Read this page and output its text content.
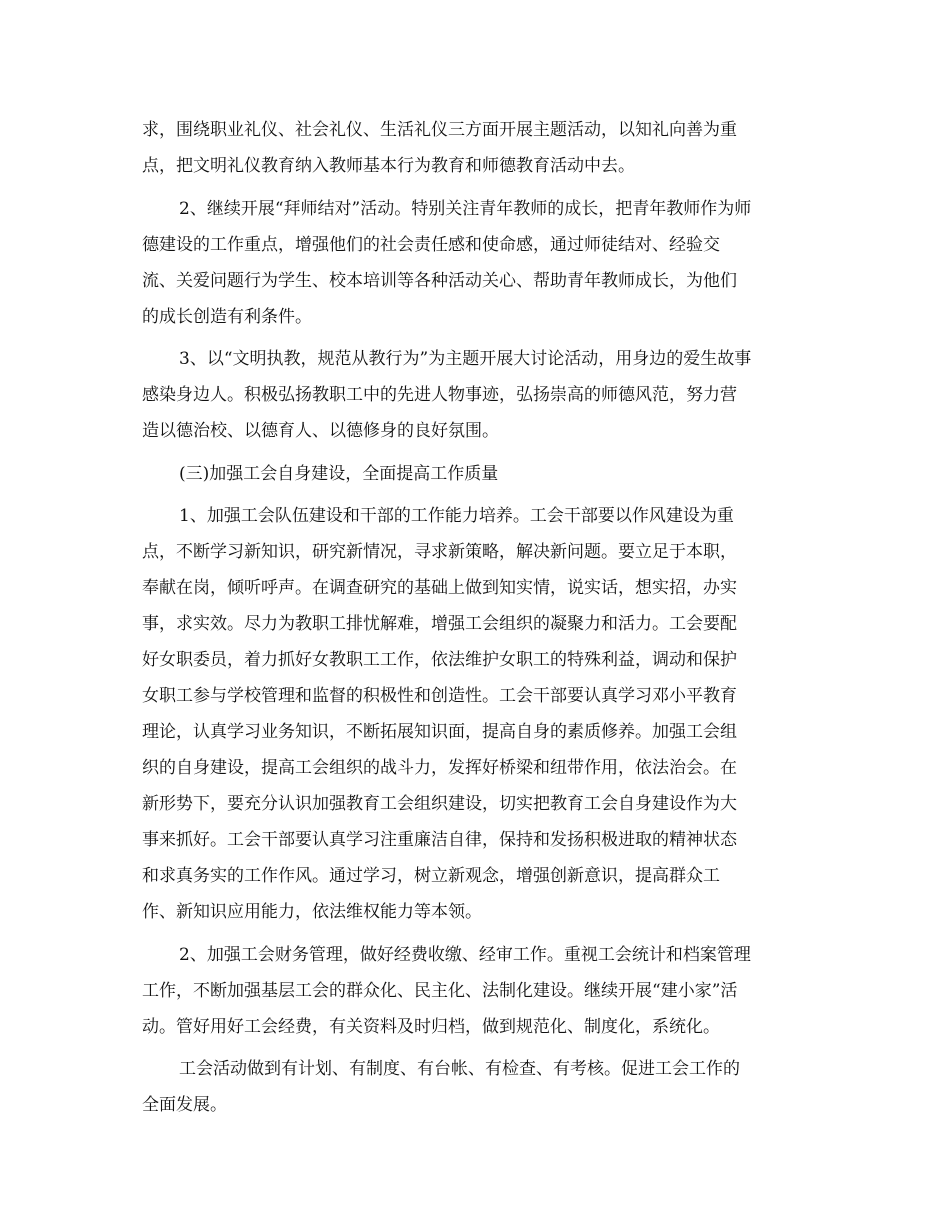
求，围绕职业礼仪、社会礼仪、生活礼仪三方面开展主题活动，以知礼向善为重
点，把文明礼仪教育纳入教师基本行为教育和师德教育活动中去。
2、继续开展“拜师结对”活动。特别关注青年教师的成长，把青年教师作为师
德建设的工作重点，增强他们的社会责任感和使命感，通过师徒结对、经验交
流、关爱问题行为学生、校本培训等各种活动关心、帮助青年教师成长，为他们
的成长创造有利条件。
3、以“文明执教，规范从教行为”为主题开展大讨论活动，用身边的爱生故事
感染身边人。积极弘扬教职工中的先进人物事迹，弘扬崇高的师德风范，努力营
造以德治校、以德育人、以德修身的良好氛围。
(三)加强工会自身建设，全面提高工作质量
1、加强工会队伍建设和干部的工作能力培养。工会干部要以作风建设为重
点，不断学习新知识，研究新情况，寻求新策略，解决新问题。要立足于本职，
奉献在岗，倾听呼声。在调查研究的基础上做到知实情，说实话，想实招，办实
事，求实效。尽力为教职工排忧解难，增强工会组织的凝聚力和活力。工会要配
好女职委员，着力抓好女教职工工作，依法维护女职工的特殊利益，调动和保护
女职工参与学校管理和监督的积极性和创造性。工会干部要认真学习邓小平教育
理论，认真学习业务知识，不断拓展知识面，提高自身的素质修养。加强工会组
织的自身建设，提高工会组织的战斗力，发挥好桥梁和纽带作用，依法治会。在
新形势下，要充分认识加强教育工会组织建设，切实把教育工会自身建设作为大
事来抓好。工会干部要认真学习注重廉洁自律，保持和发扬积极进取的精神状态
和求真务实的工作作风。通过学习，树立新观念，增强创新意识，提高群众工
作、新知识应用能力，依法维权能力等本领。
2、加强工会财务管理，做好经费收缴、经审工作。重视工会统计和档案管理
工作，不断加强基层工会的群众化、民主化、法制化建设。继续开展“建小家”活
动。管好用好工会经费，有关资料及时归档，做到规范化、制度化，系统化。
工会活动做到有计划、有制度、有台帐、有检查、有考核。促进工会工作的
全面发展。
